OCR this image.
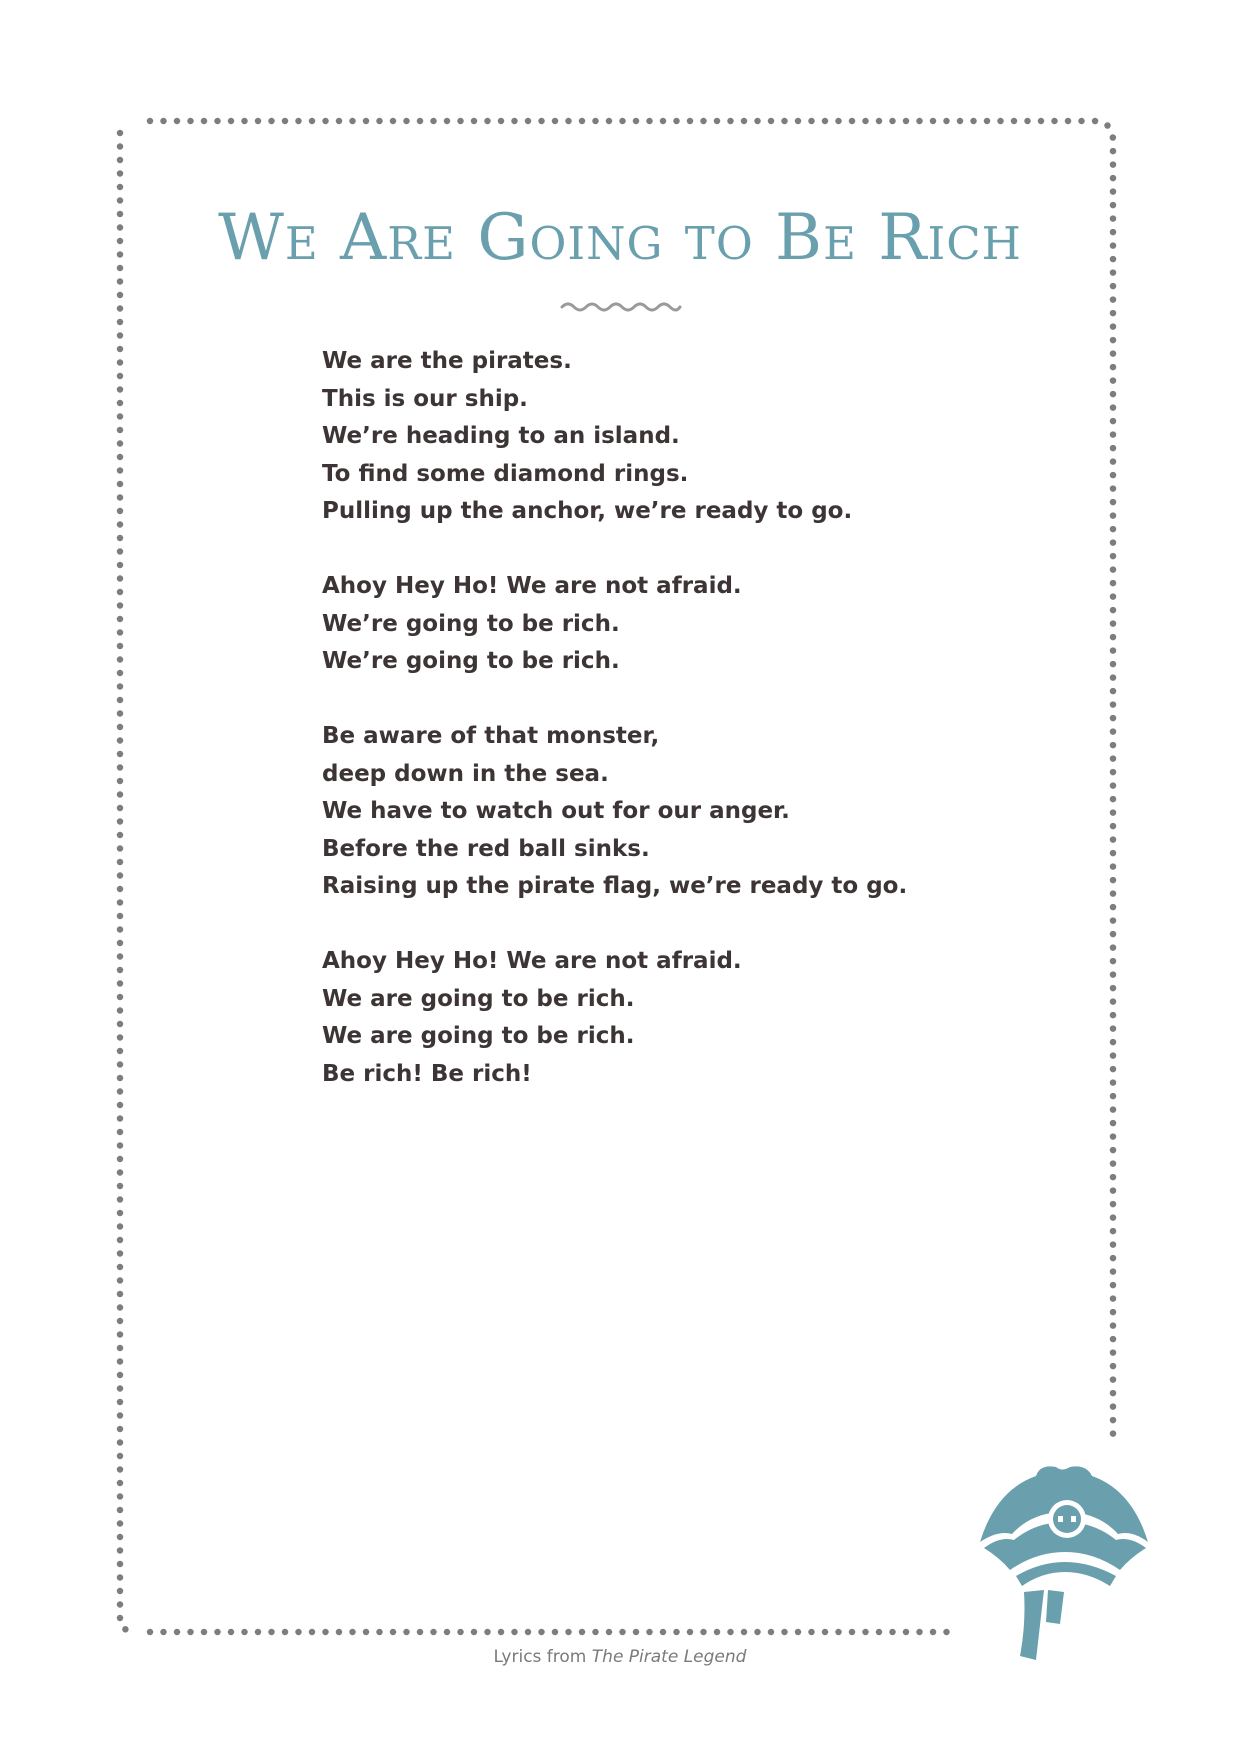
We Are Going to Be Rich
We are the pirates.
This is our ship.
We’re heading to an island.
To find some diamond rings.
Pulling up the anchor, we’re ready to go.
Ahoy Hey Ho! We are not afraid.
We’re going to be rich.
We’re going to be rich.
Be aware of that monster,
deep down in the sea.
We have to watch out for our anger.
Before the red ball sinks.
Raising up the pirate flag, we’re ready to go.
Ahoy Hey Ho! We are not afraid.
We are going to be rich.
We are going to be rich.
Be rich! Be rich!
Lyrics from The Pirate Legend
